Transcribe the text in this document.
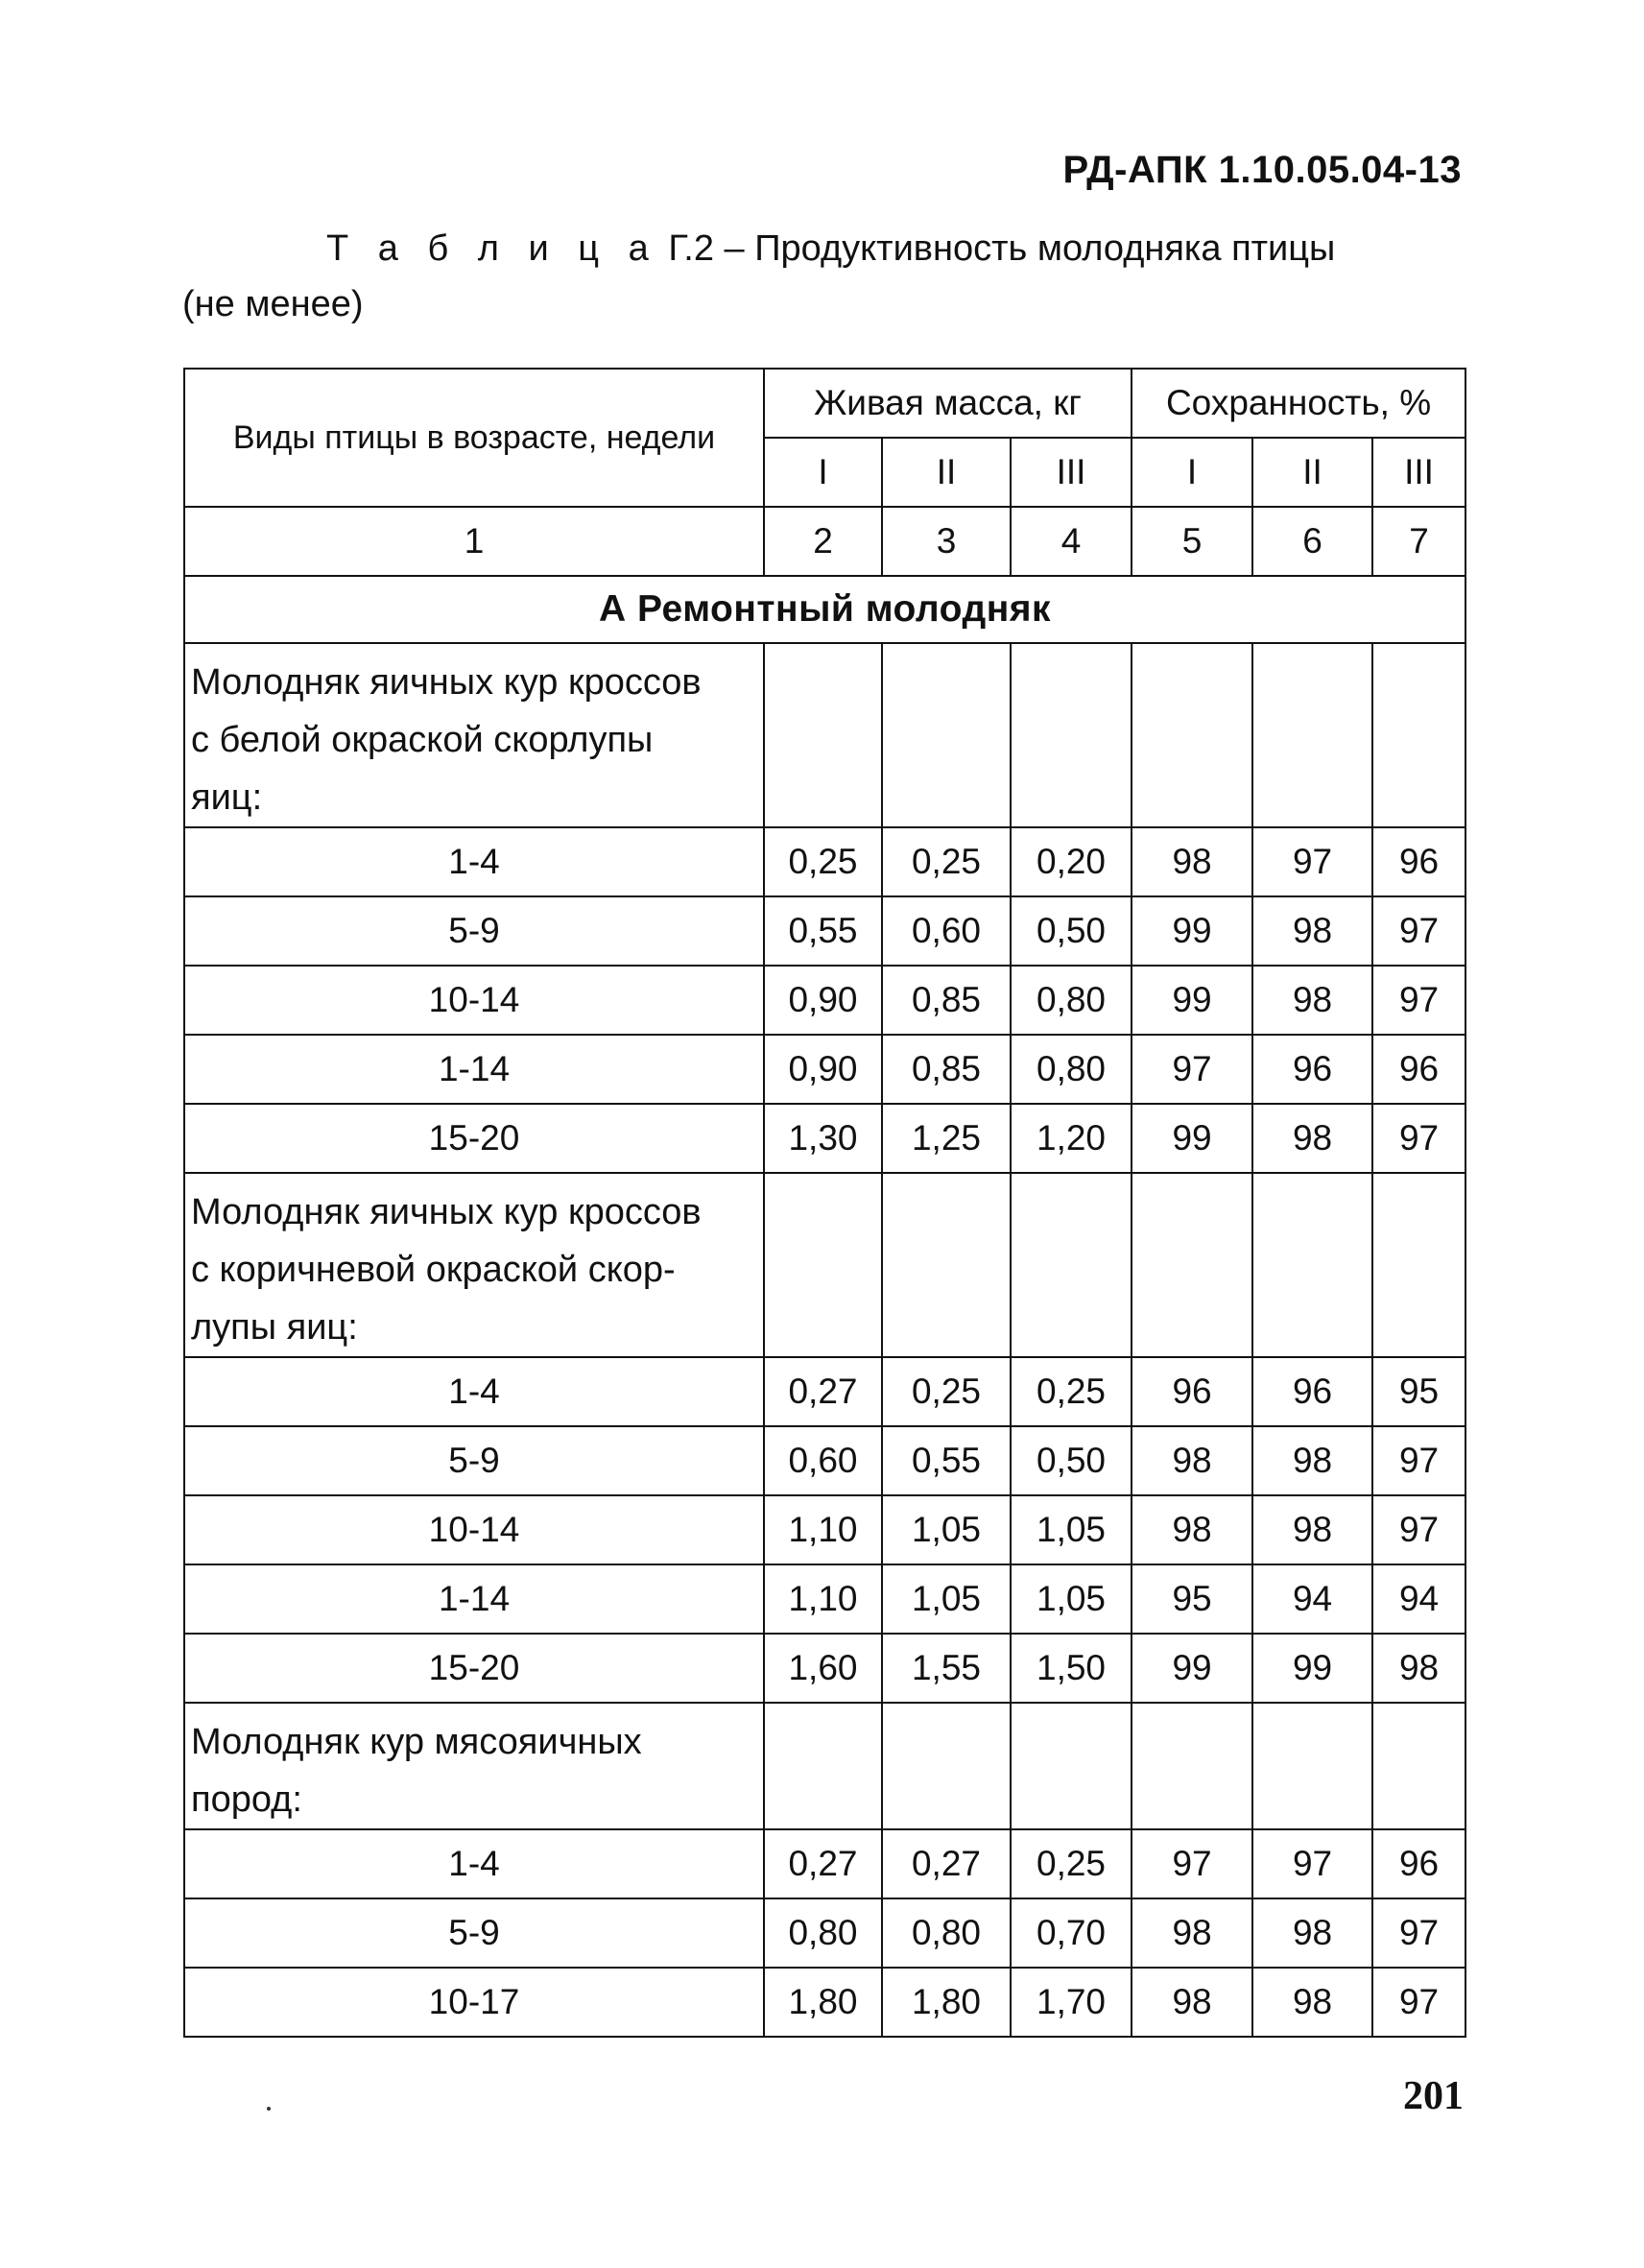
РД-АПК 1.10.05.04-13
Т а б л и ц а Г.2 – Продуктивность молодняка птицы
(не менее)
Виды птицы в возрасте, недели	Живая масса, кг			Сохранность, %		
	I	II	III	I	II	III
1	2	3	4	5	6	7
А Ремонтный молодняк						

Молодняк яичных кур кроссов
с белой окраской скорлупы
яиц:						

1-4	0,25	0,25	0,20	98	97	96
5-9	0,55	0,60	0,50	99	98	97
10-14	0,90	0,85	0,80	99	98	97
1-14	0,90	0,85	0,80	97	96	96
15-20	1,30	1,25	1,20	99	98	97

Молодняк яичных кур кроссов
с коричневой окраской скор-
лупы яиц:						

1-4	0,27	0,25	0,25	96	96	95
5-9	0,60	0,55	0,50	98	98	97
10-14	1,10	1,05	1,05	98	98	97
1-14	1,10	1,05	1,05	95	94	94
15-20	1,60	1,55	1,50	99	99	98

Молодняк кур мясояичных
пород:						

1-4	0,27	0,27	0,25	97	97	96
5-9	0,80	0,80	0,70	98	98	97
10-17	1,80	1,80	1,70	98	98	97
201
